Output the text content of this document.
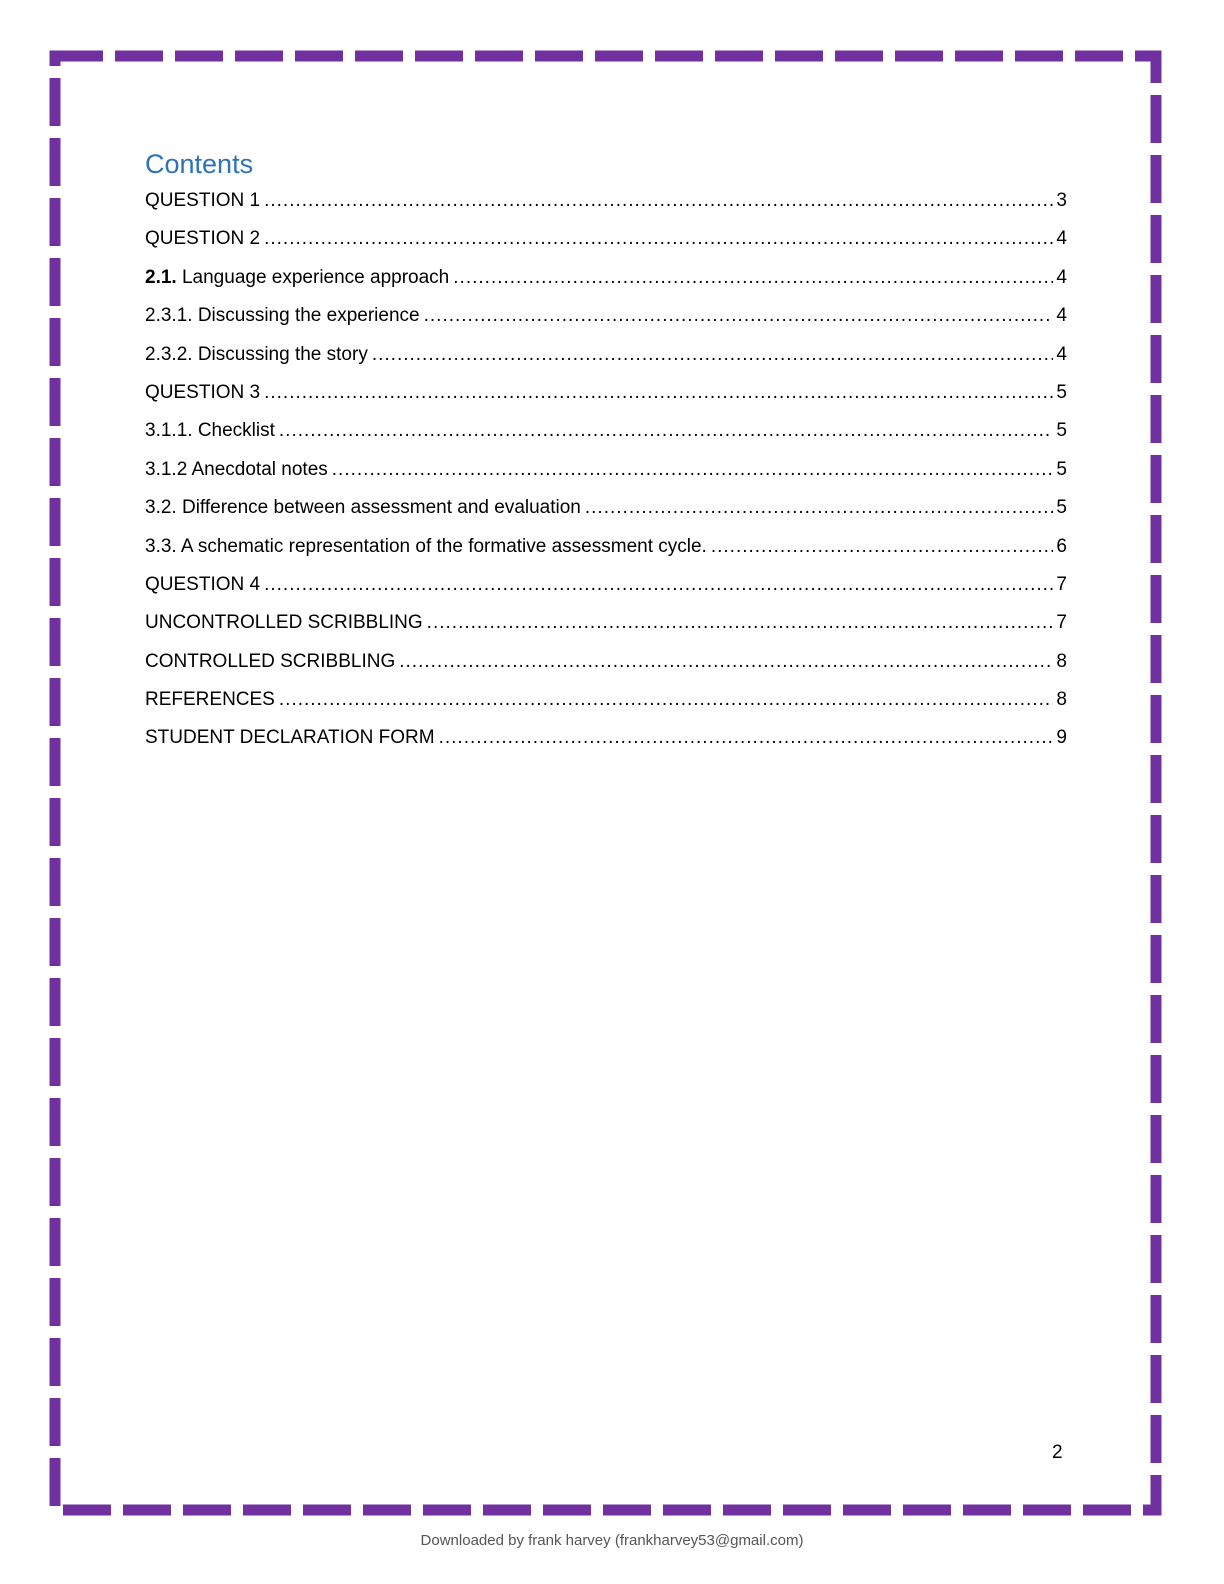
Contents
QUESTION 1 .....	3
QUESTION 2 .....	4
2.1. Language experience approach .....	4
2.3.1. Discussing the experience .....	4
2.3.2. Discussing the story .....	4
QUESTION 3 .....	5
3.1.1. Checklist .....	5
3.1.2 Anecdotal notes .....	5
3.2. Difference between assessment and evaluation .....	5
3.3. A schematic representation of the formative assessment cycle. .....	6
QUESTION 4 .....	7
UNCONTROLLED SCRIBBLING .....	7
CONTROLLED SCRIBBLING .....	8
REFERENCES .....	8
STUDENT DECLARATION FORM .....	9
2
Downloaded by frank harvey (frankharvey53@gmail.com)
